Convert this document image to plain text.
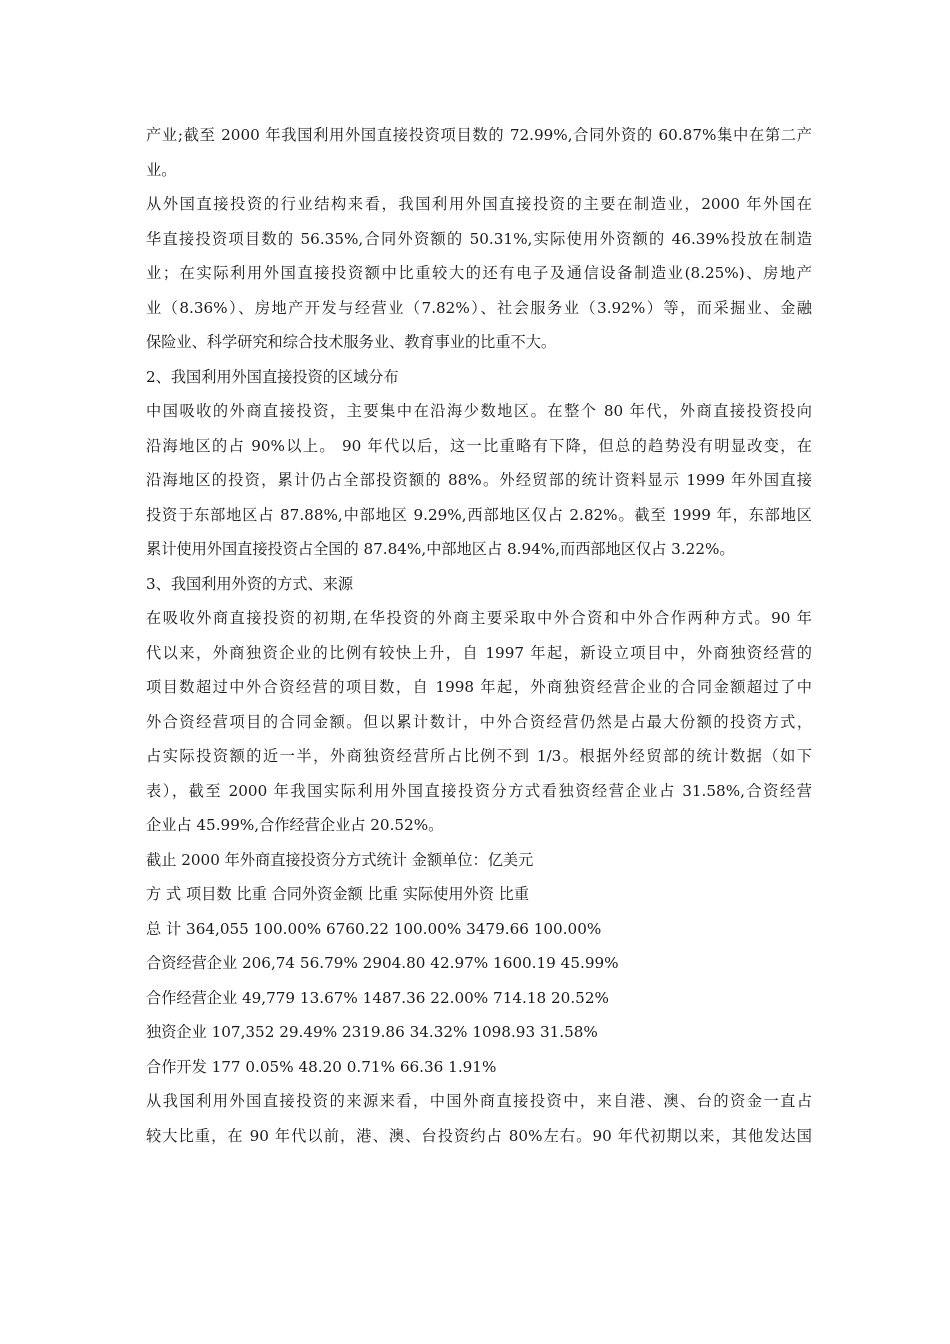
产业;截至 2000 年我国利用外国直接投资项目数的 72.99%,合同外资的 60.87%集中在第二产
业。
从外国直接投资的行业结构来看，我国利用外国直接投资的主要在制造业，2000 年外国在
华直接投资项目数的 56.35%,合同外资额的 50.31%,实际使用外资额的 46.39%投放在制造
业；在实际利用外国直接投资额中比重较大的还有电子及通信设备制造业(8.25%)、房地产
业（8.36%）、房地产开发与经营业（7.82%）、社会服务业（3.92%）等，而采掘业、金融
保险业、科学研究和综合技术服务业、教育事业的比重不大。
2、我国利用外国直接投资的区域分布
中国吸收的外商直接投资，主要集中在沿海少数地区。在整个 80 年代，外商直接投资投向
沿海地区的占 90%以上。 90 年代以后，这一比重略有下降，但总的趋势没有明显改变，在
沿海地区的投资，累计仍占全部投资额的 88%。外经贸部的统计资料显示 1999 年外国直接
投资于东部地区占 87.88%,中部地区 9.29%,西部地区仅占 2.82%。截至 1999 年，东部地区
累计使用外国直接投资占全国的 87.84%,中部地区占 8.94%,而西部地区仅占 3.22%。
3、我国利用外资的方式、来源
在吸收外商直接投资的初期,在华投资的外商主要采取中外合资和中外合作两种方式。90 年
代以来，外商独资企业的比例有较快上升，自 1997 年起，新设立项目中，外商独资经营的
项目数超过中外合资经营的项目数，自 1998 年起，外商独资经营企业的合同金额超过了中
外合资经营项目的合同金额。但以累计数计，中外合资经营仍然是占最大份额的投资方式，
占实际投资额的近一半，外商独资经营所占比例不到 1/3。根据外经贸部的统计数据（如下
表），截至 2000 年我国实际利用外国直接投资分方式看独资经营企业占 31.58%,合资经营
企业占 45.99%,合作经营企业占 20.52%。
截止 2000 年外商直接投资分方式统计 金额单位：亿美元
方 式 项目数 比重 合同外资金额 比重 实际使用外资 比重
总 计 364,055 100.00% 6760.22 100.00% 3479.66 100.00%
合资经营企业 206,74 56.79% 2904.80 42.97% 1600.19 45.99%
合作经营企业 49,779 13.67% 1487.36 22.00% 714.18 20.52%
独资企业 107,352 29.49% 2319.86 34.32% 1098.93 31.58%
合作开发 177 0.05% 48.20 0.71% 66.36 1.91%
从我国利用外国直接投资的来源来看，中国外商直接投资中，来自港、澳、台的资金一直占
较大比重，在 90 年代以前，港、澳、台投资约占 80%左右。90 年代初期以来，其他发达国
